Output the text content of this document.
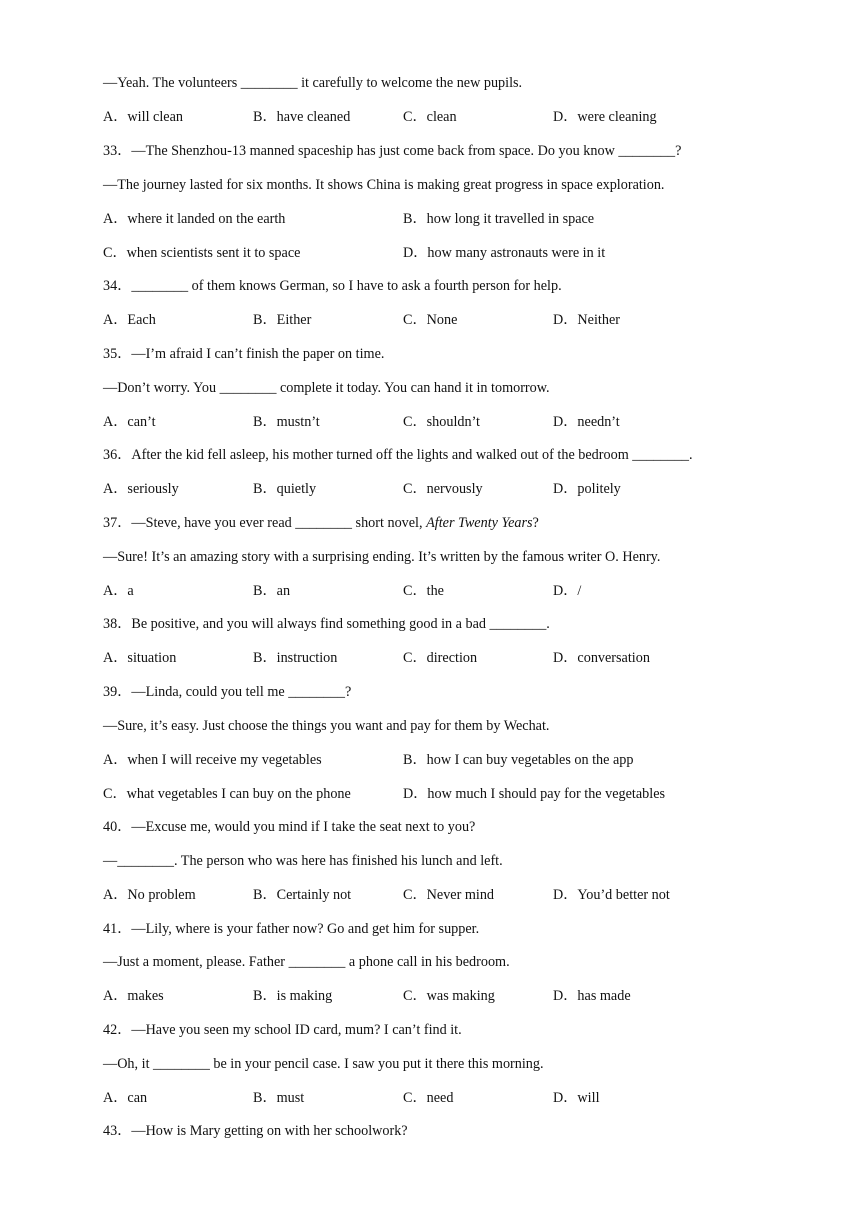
—Yeah. The volunteers ________ it carefully to welcome the new pupils.
A．will clean	B．have cleaned	C．clean	D．were cleaning
33．—The Shenzhou-13 manned spaceship has just come back from space. Do you know ________?
—The journey lasted for six months. It shows China is making great progress in space exploration.
A．where it landed on the earth	B．how long it travelled in space
C．when scientists sent it to space	D．how many astronauts were in it
34．________ of them knows German, so I have to ask a fourth person for help.
A．Each	B．Either	C．None	D．Neither
35．—I’m afraid I can’t finish the paper on time.
—Don’t worry. You ________ complete it today. You can hand it in tomorrow.
A．can’t	B．mustn’t	C．shouldn’t	D．needn’t
36．After the kid fell asleep, his mother turned off the lights and walked out of the bedroom ________.
A．seriously	B．quietly	C．nervously	D．politely
37．—Steve, have you ever read ________ short novel, After Twenty Years?
—Sure! It’s an amazing story with a surprising ending. It’s written by the famous writer O. Henry.
A．a	B．an	C．the	D．/
38．Be positive, and you will always find something good in a bad ________.
A．situation	B．instruction	C．direction	D．conversation
39．—Linda, could you tell me ________?
—Sure, it’s easy. Just choose the things you want and pay for them by Wechat.
A．when I will receive my vegetables	B．how I can buy vegetables on the app
C．what vegetables I can buy on the phone	D．how much I should pay for the vegetables
40．—Excuse me, would you mind if I take the seat next to you?
—________. The person who was here has finished his lunch and left.
A．No problem	B．Certainly not	C．Never mind	D．You’d better not
41．—Lily, where is your father now? Go and get him for supper.
—Just a moment, please. Father ________ a phone call in his bedroom.
A．makes	B．is making	C．was making	D．has made
42．—Have you seen my school ID card, mum? I can’t find it.
—Oh, it ________ be in your pencil case. I saw you put it there this morning.
A．can	B．must	C．need	D．will
43．—How is Mary getting on with her schoolwork?
